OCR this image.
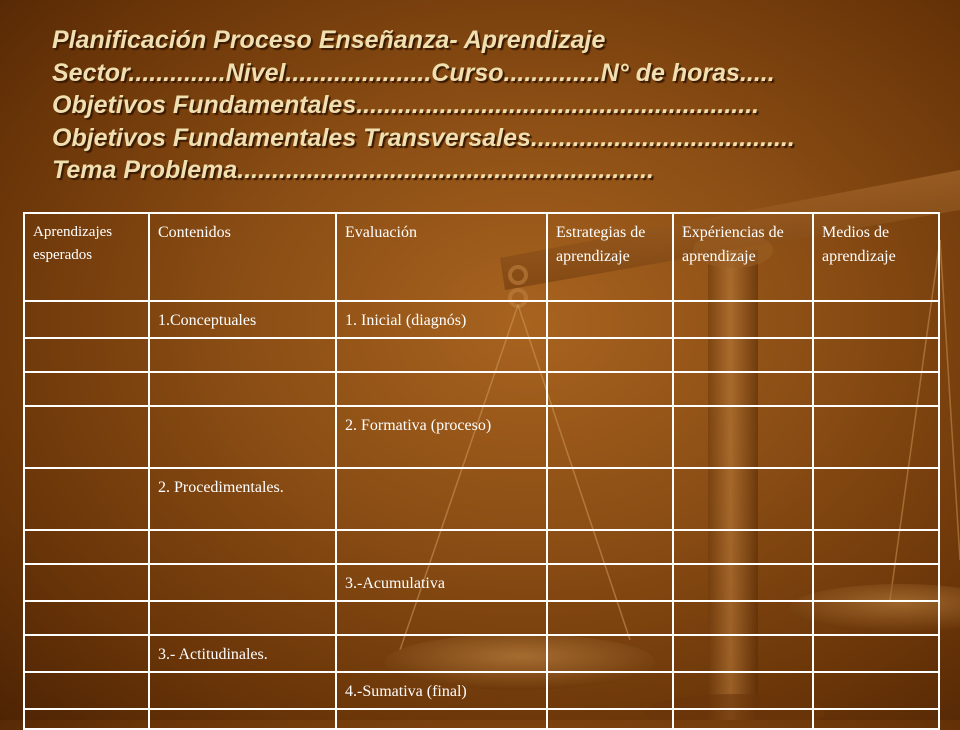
Planificación Proceso Enseñanza- Aprendizaje
Sector..............Nivel.....................Curso..............N° de horas.....
Objetivos Fundamentales..........................................................
Objetivos Fundamentales Transversales......................................
Tema Problema............................................................
Aprendizajes esperados	Contenidos	Evaluación	Estrategias de aprendizaje	Expériencias de aprendizaje	Medios de aprendizaje
	1.Conceptuales	1. Inicial (diagnós)			

		2. Formativa (proceso)			
	2. Procedimentales.				

		3.-Acumulativa			

	3.- Actitudinales.				
		4.-Sumativa (final)			
